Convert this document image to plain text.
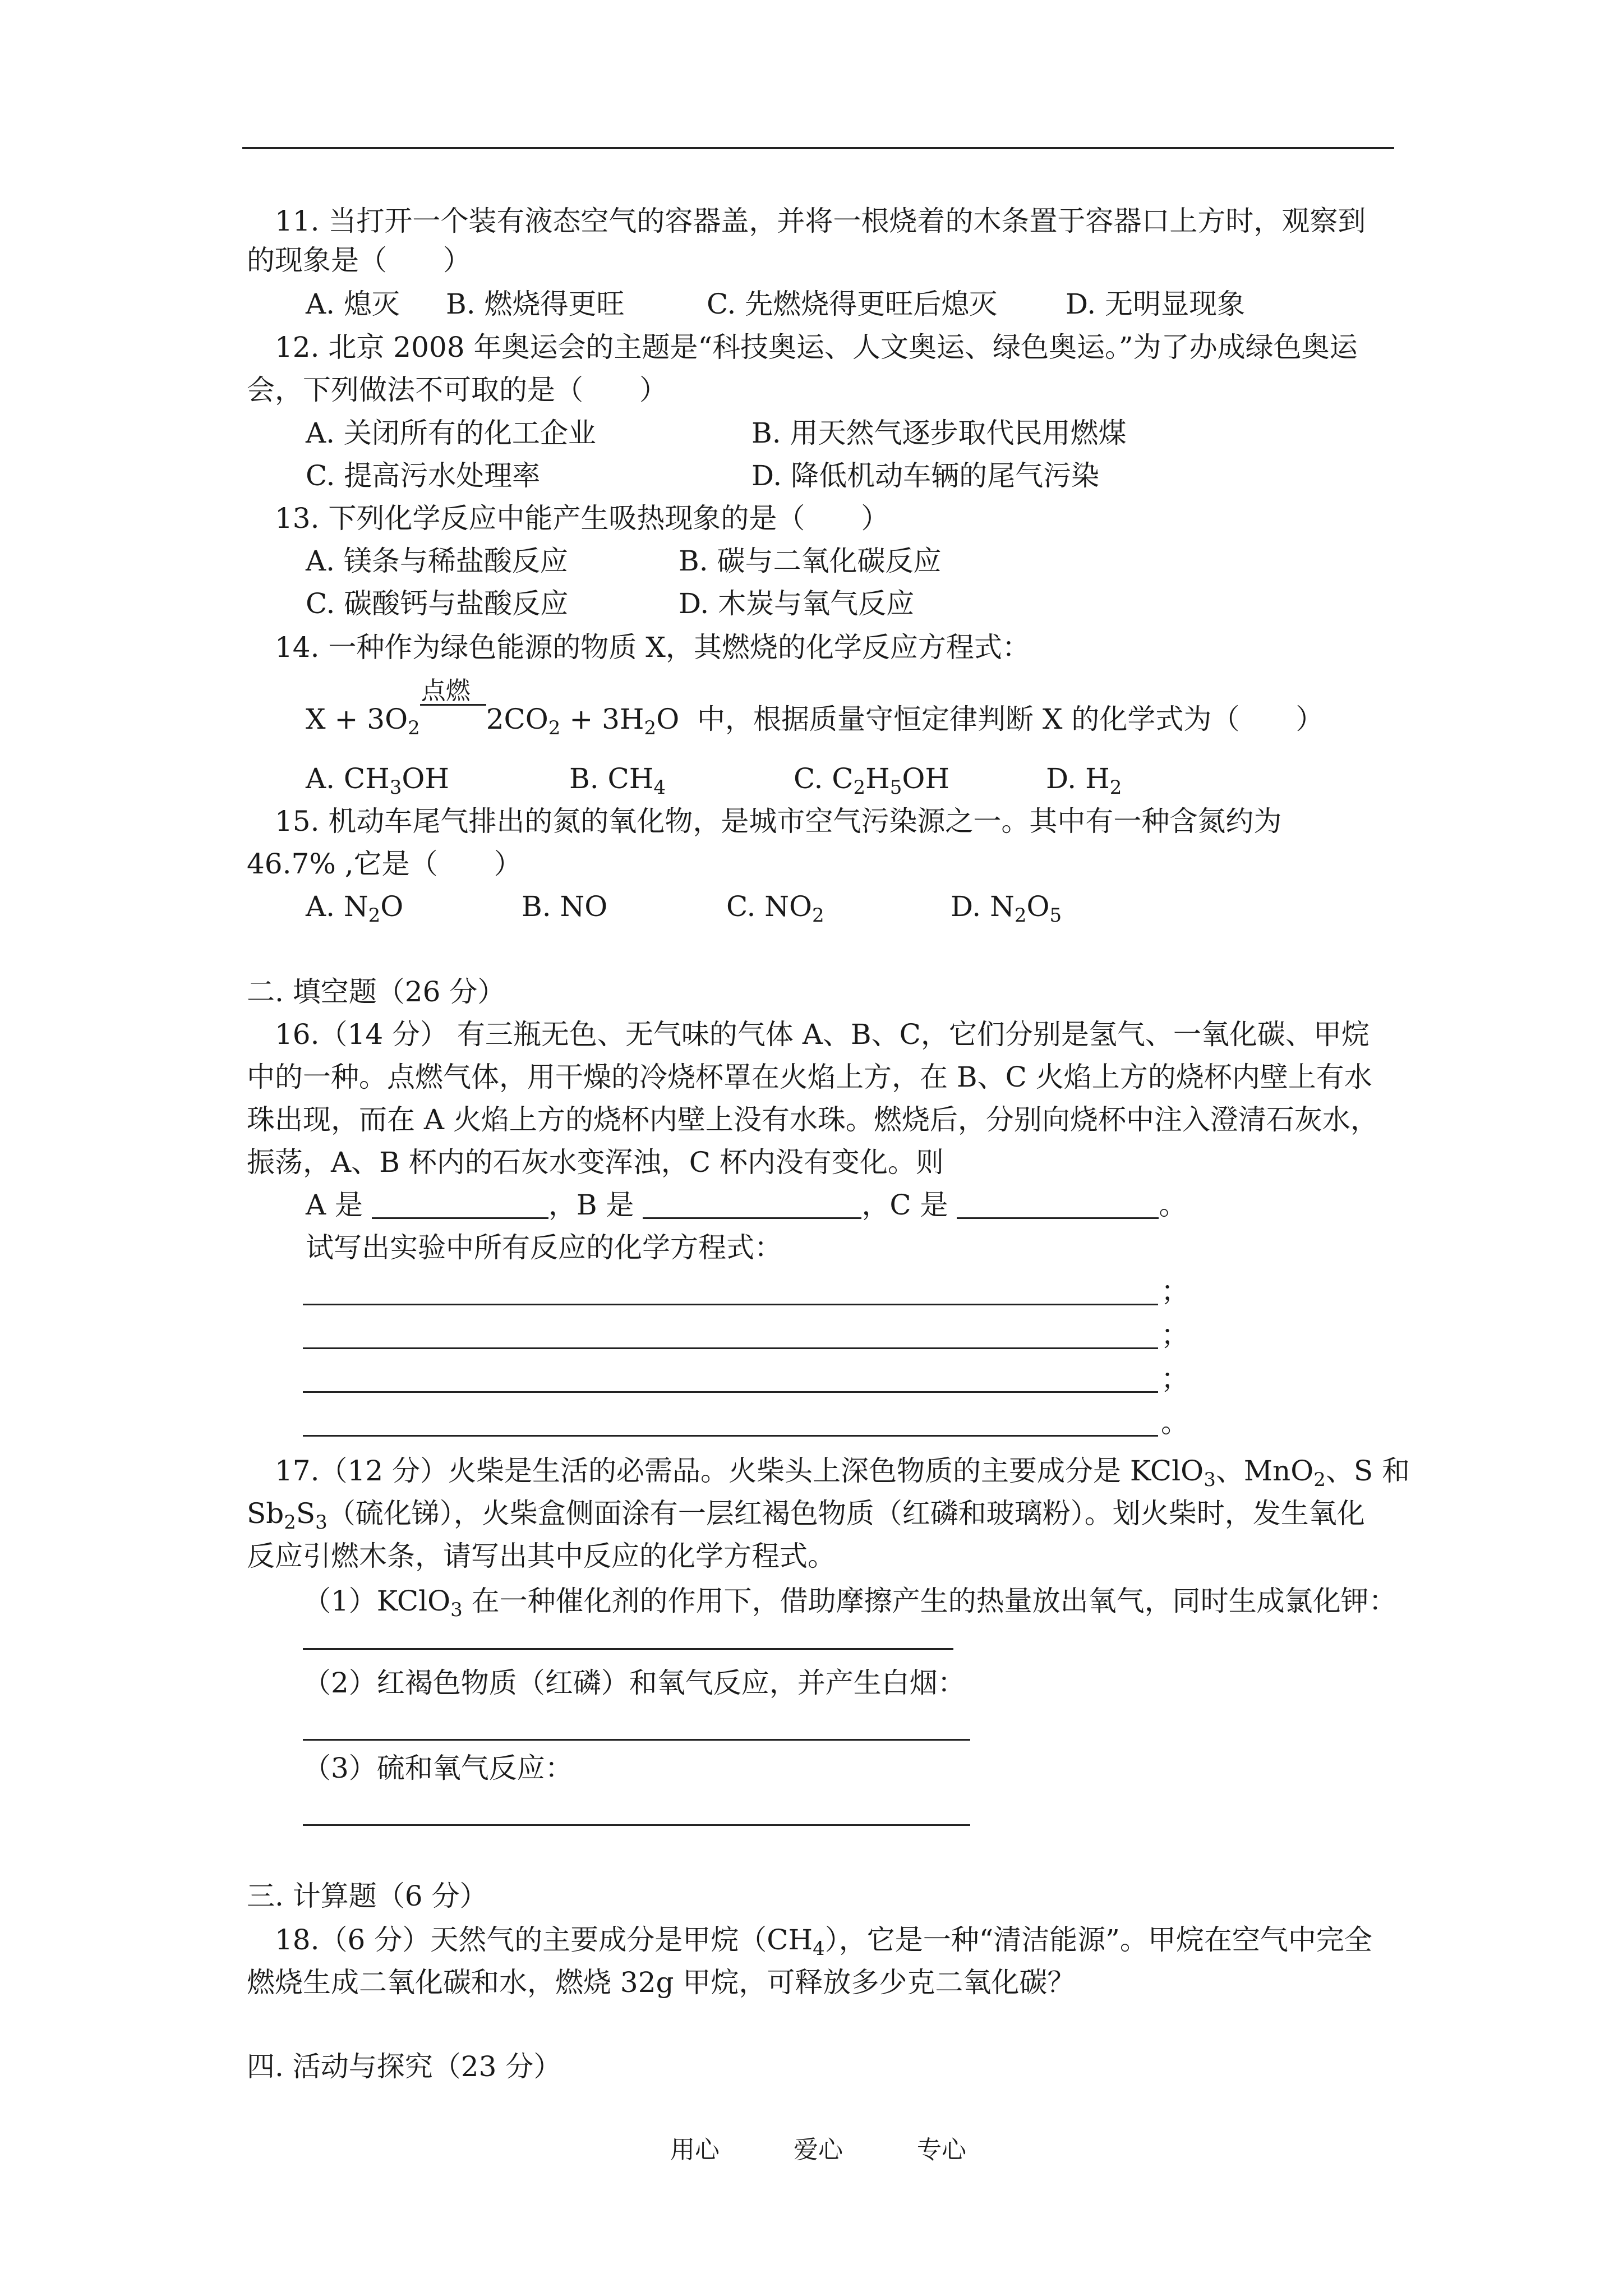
11. 当打开一个装有液态空气的容器盖，并将一根烧着的木条置于容器口上方时，观察到
的现象是（　　）
A. 熄灭 B. 燃烧得更旺	C. 先燃烧得更旺后熄灭 D. 无明显现象
12. 北京 2008 年奥运会的主题是“科技奥运、人文奥运、绿色奥运。”为了办成绿色奥运
会，下列做法不可取的是（　　）
A. 关闭所有的化工企业	B. 用天然气逐步取代民用燃煤
C. 提高污水处理率	D. 降低机动车辆的尾气污染
13. 下列化学反应中能产生吸热现象的是（　　）
A. 镁条与稀盐酸反应	B. 碳与二氧化碳反应
C. 碳酸钙与盐酸反应	D. 木炭与氧气反应
14. 一种作为绿色能源的物质 X，其燃烧的化学反应方程式：
$X + 3O_2$
点燃
$2CO_2 + 3H_2O$ 中，根据质量守恒定律判断 X 的化学式为（　　）
A. $CH_3OH$	B. $CH_4$	C. $C_2H_5OH$	D. $H_2$
15. 机动车尾气排出的氮的氧化物，是城市空气污染源之一。其中有一种含氮约为
46.7% ,它是（　　）
A. $N_2O$	B. NO	C. $NO_2$	D. $N_2O_5$
二. 填空题（26 分）
16.（14 分） 有三瓶无色、无气味的气体 A、B、C，它们分别是氢气、一氧化碳、甲烷
中的一种。点燃气体，用干燥的冷烧杯罩在火焰上方，在 B、C 火焰上方的烧杯内壁上有水
珠出现，而在 A 火焰上方的烧杯内壁上没有水珠。燃烧后，分别向烧杯中注入澄清石灰水，
振荡，A、B 杯内的石灰水变浑浊，C 杯内没有变化。则
A 是	，B 是	，C 是	。
试写出实验中所有反应的化学方程式：
；
；
；
。
17.（12 分）火柴是生活的必需品。火柴头上深色物质的主要成分是 KClO$_3$、MnO$_2$、S 和
$Sb_2S_3$（硫化锑），火柴盒侧面涂有一层红褐色物质（红磷和玻璃粉）。划火柴时，发生氧化
反应引燃木条，请写出其中反应的化学方程式。
（1）KClO$_3$ 在一种催化剂的作用下，借助摩擦产生的热量放出氧气，同时生成氯化钾：
（2）红褐色物质（红磷）和氧气反应，并产生白烟：
（3）硫和氧气反应：
三. 计算题（6 分）
18.（6 分）天然气的主要成分是甲烷$(CH_4)$，它是一种“清洁能源”。甲烷在空气中完全
燃烧生成二氧化碳和水，燃烧 32g 甲烷，可释放多少克二氧化碳？
四. 活动与探究（23 分）
用心	爱心	专心
